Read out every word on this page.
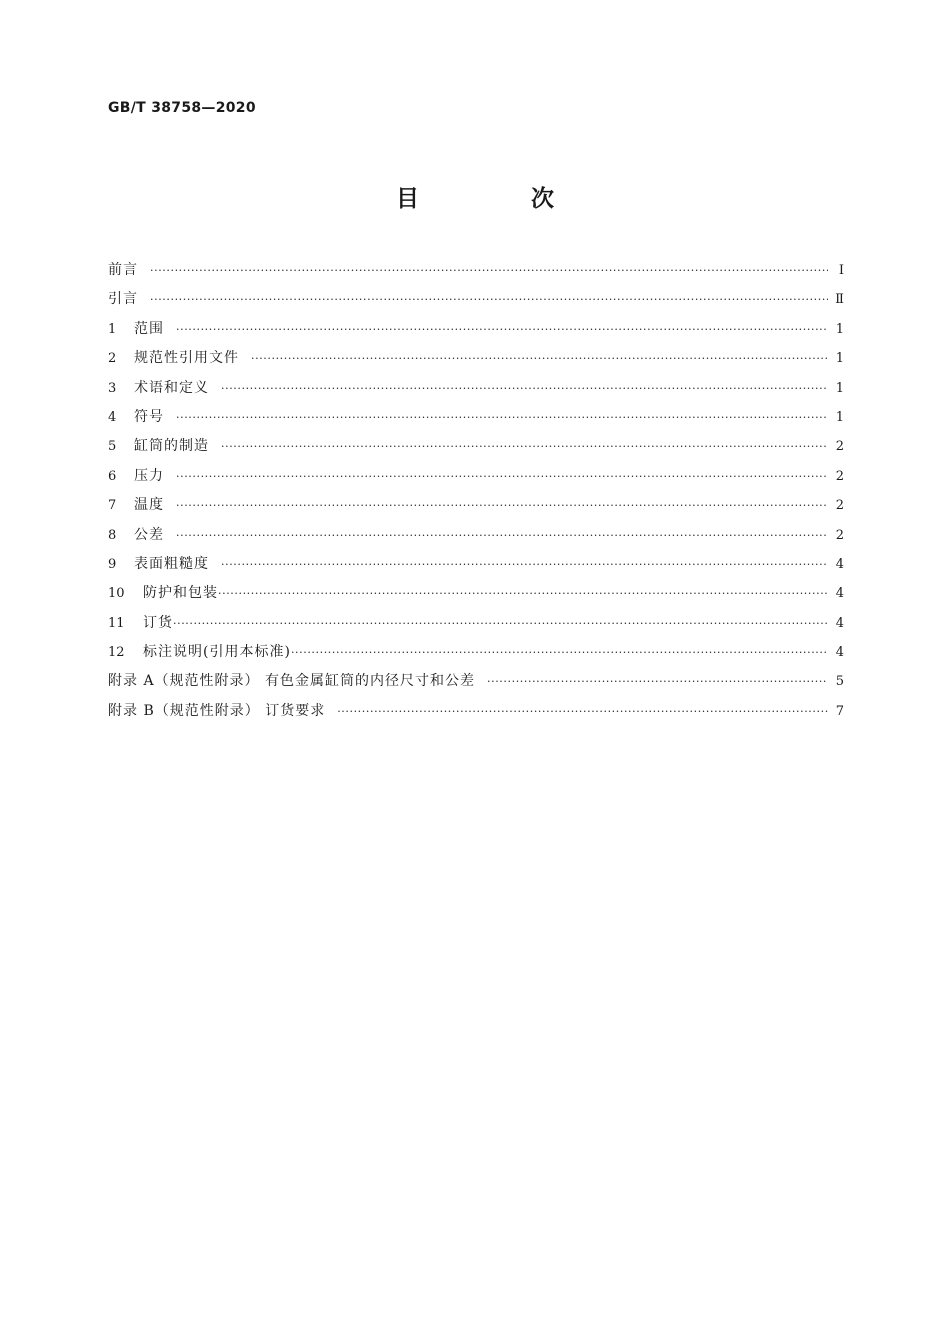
GB/T 38758—2020
目 次
前言 ·····	Ⅰ
引言 ·····	Ⅱ
1	范围 ·····	1
2	规范性引用文件 ·····	1
3	术语和定义 ·····	1
4	符号 ·····	1
5	缸筒的制造 ·····	2
6	压力 ·····	2
7	温度 ·····	2
8	公差 ·····	2
9	表面粗糙度 ·····	4
10	防护和包装 ·····	4
11	订货 ·····	4
12	标注说明(引用本标准) ·····	4
附录 A（规范性附录） 有色金属缸筒的内径尺寸和公差 ·····	5
附录 B（规范性附录） 订货要求 ·····	7
